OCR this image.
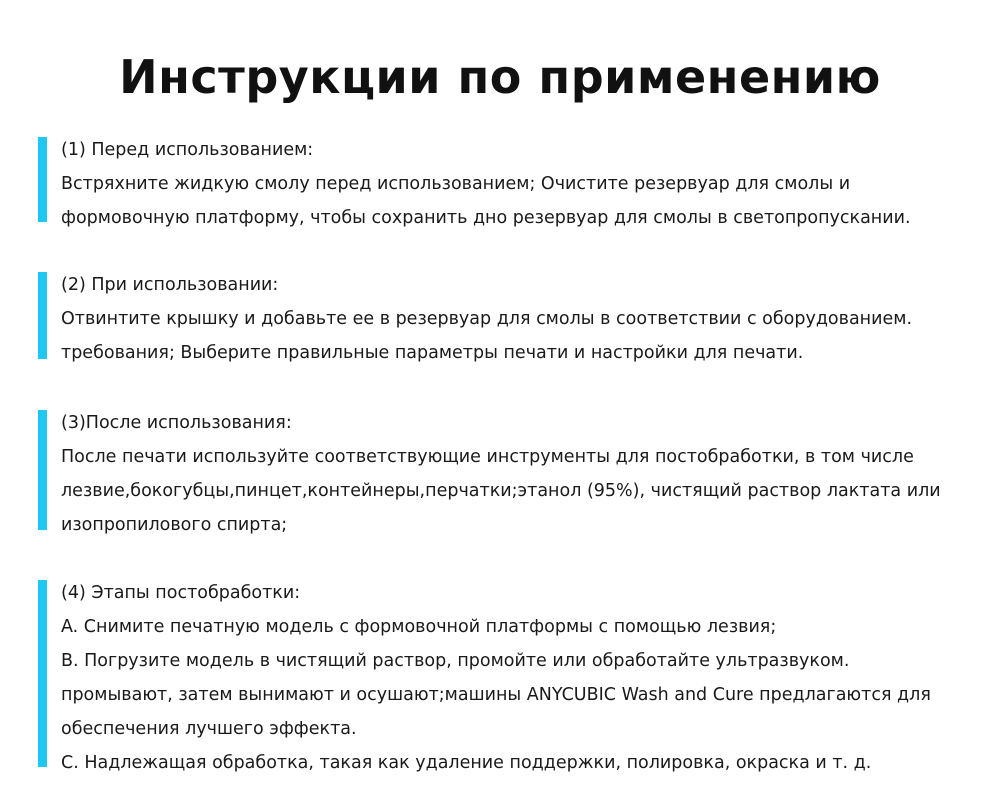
Инструкции по применению
(1) Перед использованием:
Встряхните жидкую смолу перед использованием; Очистите резервуар для смолы и
формовочную платформу, чтобы сохранить дно резервуар для смолы в светопропускании.
(2) При использовании:
Отвинтите крышку и добавьте ее в резервуар для смолы в соответствии с оборудованием.
требования; Выберите правильные параметры печати и настройки для печати.
(3)После использования:
После печати используйте соответствующие инструменты для постобработки, в том числе
лезвие,бокогубцы,пинцет,контейнеры,перчатки;этанол (95%), чистящий раствор лактата или
изопропилового спирта;
(4) Этапы постобработки:
A. Снимите печатную модель с формовочной платформы с помощью лезвия;
B. Погрузите модель в чистящий раствор, промойте или обработайте ультразвуком.
промывают, затем вынимают и осушают;машины ANYCUBIC Wash and Cure предлагаются для
обеспечения лучшего эффекта.
C. Надлежащая обработка, такая как удаление поддержки, полировка, окраска и т. д.
